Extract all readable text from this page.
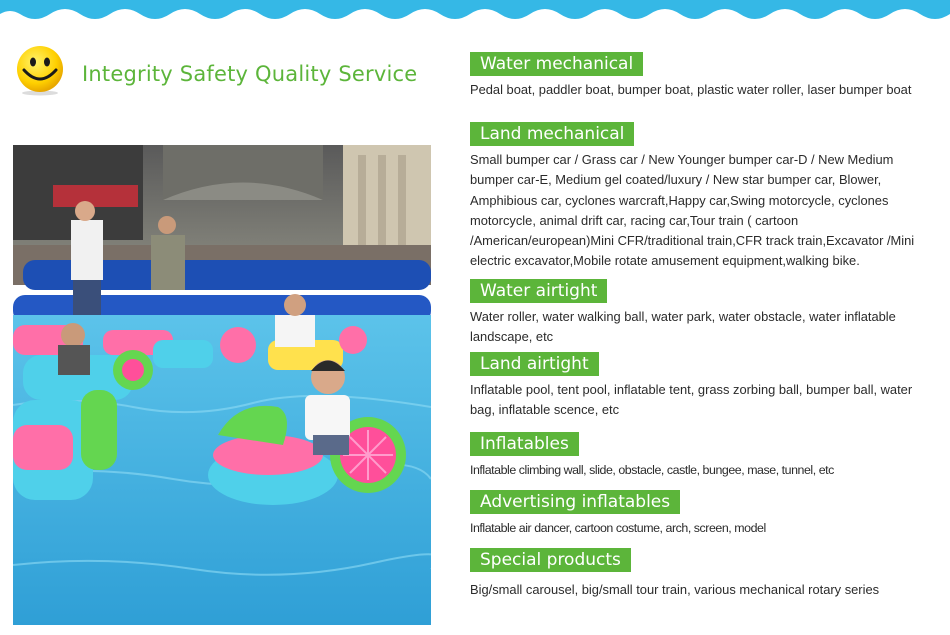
Integrity Safety Quality Service	Water mechanical
Pedal boat, paddler boat, bumper boat, plastic water roller, laser bumper boat
Land mechanical
Small bumper car / Grass car / New Younger bumper car-D / New Medium bumper car-E, Medium gel coated/luxury / New star bumper car, Blower, Amphibious car, cyclones warcraft,Happy car,Swing motorcycle, cyclones motorcycle, animal drift car, racing car,Tour train ( cartoon /American/european)Mini CFR/traditional train,CFR track train,Excavator /Mini electric excavator,Mobile rotate amusement equipment,walking bike.
Water airtight
Water roller, water walking ball, water park, water obstacle, water inflatable landscape, etc
Land airtight
Inflatable pool, tent pool, inflatable tent, grass zorbing ball, bumper ball, water bag, inflatable scence, etc
Inflatables
Inflatable climbing wall, slide, obstacle, castle, bungee, mase, tunnel, etc
Advertising inflatables
Inflatable air dancer, cartoon costume, arch, screen, model
Special products
Big/small carousel, big/small tour train, various mechanical rotary series
